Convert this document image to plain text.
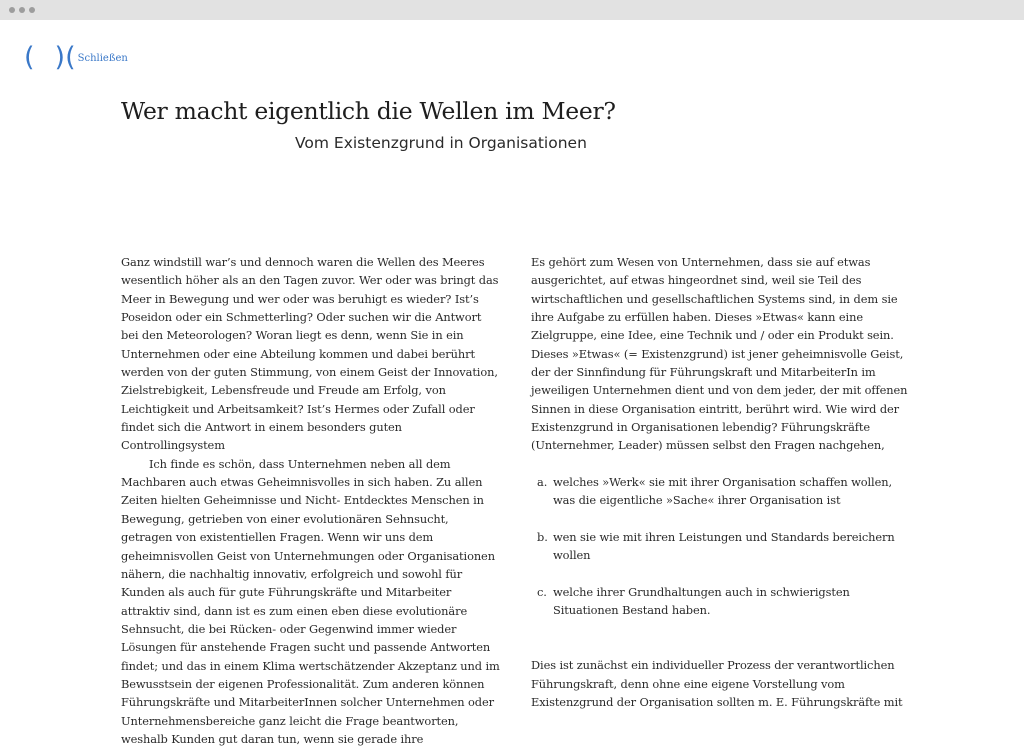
( )( Schließen
Wer macht eigentlich die Wellen im Meer?
Vom Existenzgrund in Organisationen

Ganz windstill war’s und dennoch waren die Wellen des Meeres wesentlich höher als an den Tagen zuvor. Wer oder was bringt das Meer in Bewegung und wer oder was beruhigt es wieder? Ist’s Poseidon oder ein Schmetterling? Oder suchen wir die Antwort bei den Meteorologen? Woran liegt es denn, wenn Sie in ein Unternehmen oder eine Abteilung kommen und dabei berührt werden von der guten Stimmung, von einem Geist der Innovation, Zielstrebigkeit, Lebensfreude und Freude am Erfolg, von Leichtigkeit und Arbeitsamkeit? Ist’s Hermes oder Zufall oder findet sich die Antwort in einem besonders guten Controllingsystem

Ich finde es schön, dass Unternehmen neben all dem Machbaren auch etwas Geheimnisvolles in sich haben. Zu allen Zeiten hielten Geheimnisse und Nicht- Entdecktes Menschen in Bewegung, getrieben von einer evolutionären Sehnsucht, getragen von existentiellen Fragen. Wenn wir uns dem geheimnisvollen Geist von Unternehmungen oder Organisationen nähern, die nachhaltig innovativ, erfolgreich und sowohl für Kunden als auch für gute Führungskräfte und Mitarbeiter attraktiv sind, dann ist es zum einen eben diese evolutionäre Sehnsucht, die bei Rücken- oder Gegenwind immer wieder Lösungen für anstehende Fragen sucht und passende Antworten findet; und das in einem Klima wertschätzender Akzeptanz und im Bewusstsein der eigenen Professionalität. Zum anderen können Führungskräfte und MitarbeiterInnen solcher Unternehmen oder Unternehmensbereiche ganz leicht die Frage beantworten, weshalb Kunden gut daran tun, wenn sie gerade ihre

Es gehört zum Wesen von Unternehmen, dass sie auf etwas ausgerichtet, auf etwas hingeordnet sind, weil sie Teil des wirtschaftlichen und gesellschaftlichen Systems sind, in dem sie ihre Aufgabe zu erfüllen haben. Dieses »Etwas« kann eine Zielgruppe, eine Idee, eine Technik und / oder ein Produkt sein. Dieses »Etwas« (= Existenzgrund) ist jener geheimnisvolle Geist, der der Sinnfindung für Führungskraft und MitarbeiterIn im jeweiligen Unternehmen dient und von dem jeder, der mit offenen Sinnen in diese Organisation eintritt, berührt wird. Wie wird der Existenzgrund in Organisationen lebendig? Führungskräfte (Unternehmer, Leader) müssen selbst den Fragen nachgehen,

a. welches »Werk« sie mit ihrer Organisation schaffen wollen, was die eigentliche »Sache« ihrer Organisation ist
b. wen sie wie mit ihren Leistungen und Standards bereichern wollen
c. welche ihrer Grundhaltungen auch in schwierigsten Situationen Bestand haben.

Dies ist zunächst ein individueller Prozess der verantwortlichen Führungskraft, denn ohne eine eigene Vorstellung vom Existenzgrund der Organisation sollten m. E. Führungskräfte mit
